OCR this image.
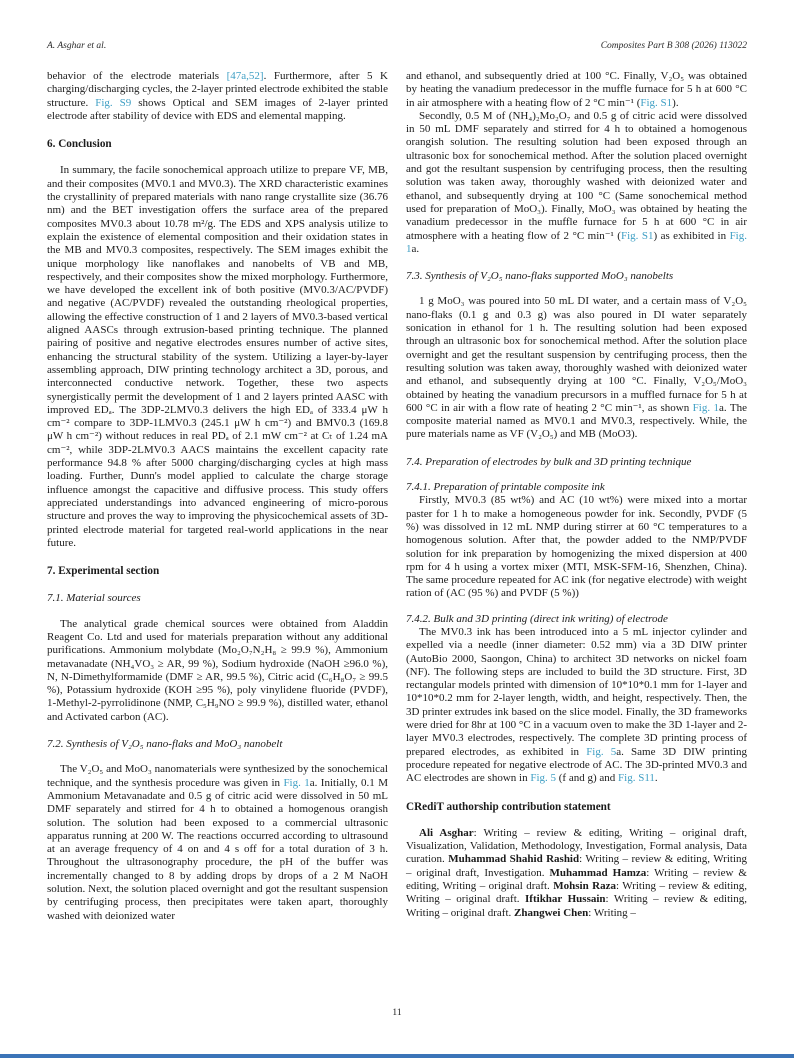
A. Asghar et al.	Composites Part B 308 (2026) 113022

behavior of the electrode materials [47a,52]. Furthermore, after 5 K charging/discharging cycles, the 2-layer printed electrode exhibited the stable structure. Fig. S9 shows Optical and SEM images of 2-layer printed electrode after stability of device with EDS and elemental mapping.

6. Conclusion

In summary, the facile sonochemical approach utilize to prepare VF, MB, and their composites (MV0.1 and MV0.3). The XRD characteristic examines the crystallinity of prepared materials with nano range crystallite size (36.76 nm) and the BET investigation offers the surface area of the prepared composites MV0.3 about 10.78 m²/g. The EDS and XPS analysis utilize to explain the existence of elemental composition and their oxidation states in the MB and MV0.3 composites, respectively. The SEM images exhibit the unique morphology like nanoflakes and nanobelts of VB and MB, respectively, and their composites show the mixed morphology. Furthermore, we have developed the excellent ink of both positive (MV0.3/AC/PVDF) and negative (AC/PVDF) revealed the outstanding rheological properties, allowing the effective construction of 1 and 2 layers of MV0.3-based vertical aligned AASCs through extrusion-based printing technique. The planned pairing of positive and negative electrodes ensures number of active sites, enhancing the structural stability of the system. Utilizing a layer-by-layer assembling approach, DIW printing technology architect a 3D, porous, and interconnected conductive network. Together, these two aspects synergistically permit the development of 1 and 2 layers printed AASC with improved EDₐ. The 3DP-2LMV0.3 delivers the high EDₐ of 333.4 μW h cm⁻² compare to 3DP-1LMV0.3 (245.1 μW h cm⁻²) and BMV0.3 (169.8 μW h cm⁻²) without reduces in real PDₐ of 2.1 mW cm⁻² at Cₜ of 1.24 mA cm⁻², while 3DP-2LMV0.3 AACS maintains the excellent capacity rate performance 94.8 % after 5000 charging/discharging cycles at high mass loading. Further, Dunn's model applied to calculate the charge storage influence amongst the capacitive and diffusive process. This study offers appreciated understandings into advanced engineering of micro-porous structure and proves the way to improving the physicochemical assets of 3D-printed electrode material for targeted real-world applications in the near future.

7. Experimental section
7.1. Material sources

The analytical grade chemical sources were obtained from Aladdin Reagent Co. Ltd and used for materials preparation without any additional purifications. Ammonium molybdate (Mo₂O₇N₂H₈ ≥ 99.9 %), Ammonium metavanadate (NH₄VO₃ ≥ AR, 99 %), Sodium hydroxide (NaOH ≥96.0 %), N, N-Dimethylformamide (DMF ≥ AR, 99.5 %), Citric acid (C₆H₈O₇ ≥ 99.5 %), Potassium hydroxide (KOH ≥95 %), poly vinylidene fluoride (PVDF), 1-Methyl-2-pyrrolidinone (NMP, C₅H₉NO ≥ 99.9 %), distilled water, ethanol and Activated carbon (AC).

7.2. Synthesis of V₂O₅ nano-flaks and MoO₃ nanobelt

The V₂O₅ and MoO₃ nanomaterials were synthesized by the sonochemical technique, and the synthesis procedure was given in Fig. 1a. Initially, 0.1 M Ammonium Metavanadate and 0.5 g of citric acid were dissolved in 50 mL DMF separately and stirred for 4 h to obtained a homogenous orangish solution. The solution had been exposed to a commercial ultrasonic apparatus running at 200 W. The reactions occurred according to ultrasound at an average frequency of 4 on and 4 s off for a total duration of 3 h. Throughout the ultrasonography procedure, the pH of the buffer was incrementally changed to 8 by adding drops by drops of a 2 M NaOH solution. Next, the solution placed overnight and got the resultant suspension by centrifuging process, then precipitates were taken apart, thoroughly washed with deionized water

and ethanol, and subsequently dried at 100 °C. Finally, V₂O₅ was obtained by heating the vanadium predecessor in the muffle furnace for 5 h at 600 °C in air atmosphere with a heating flow of 2 °C min⁻¹ (Fig. S1).

Secondly, 0.5 M of (NH₄)₂Mo₂O₇ and 0.5 g of citric acid were dissolved in 50 mL DMF separately and stirred for 4 h to obtained a homogenous orangish solution. The resulting solution had been exposed through an ultrasonic box for sonochemical method. After the solution placed overnight and got the resultant suspension by centrifuging process, then the resulting solution was taken away, thoroughly washed with deionized water and ethanol, and subsequently drying at 100 °C (Same sonochemical method used for preparation of MoO₃). Finally, MoO₃ was obtained by heating the vanadium predecessor in the muffle furnace for 5 h at 600 °C in air atmosphere with a heating flow of 2 °C min⁻¹ (Fig. S1) as exhibited in Fig. 1a.

7.3. Synthesis of V₂O₅ nano-flaks supported MoO₃ nanobelts

1 g MoO₃ was poured into 50 mL DI water, and a certain mass of V₂O₅ nano-flaks (0.1 g and 0.3 g) was also poured in DI water separately sonication in ethanol for 1 h. The resulting solution had been exposed through an ultrasonic box for sonochemical method. After the solution place overnight and get the resultant suspension by centrifuging process, then the resulting solution was taken away, thoroughly washed with deionized water and ethanol, and subsequently drying at 100 °C. Finally, V₂O₅/MoO₃ obtained by heating the vanadium precursors in a muffled furnace for 5 h at 600 °C in air with a flow rate of heating 2 °C min⁻¹, as shown Fig. 1a. The composite material named as MV0.1 and MV0.3, respectively. While, the pure materials name as VF (V₂O₅) and MB (MoO3).

7.4. Preparation of electrodes by bulk and 3D printing technique
7.4.1. Preparation of printable composite ink

Firstly, MV0.3 (85 wt%) and AC (10 wt%) were mixed into a mortar paster for 1 h to make a homogeneous powder for ink. Secondly, PVDF (5 %) was dissolved in 12 mL NMP during stirrer at 60 °C temperatures to a homogenous solution. After that, the powder added to the NMP/PVDF solution for ink preparation by homogenizing the mixed dispersion at 400 rpm for 4 h using a vortex mixer (MTI, MSK-SFM-16, Shenzhen, China). The same procedure repeated for AC ink (for negative electrode) with weight ration of (AC (95 %) and PVDF (5 %))

7.4.2. Bulk and 3D printing (direct ink writing) of electrode

The MV0.3 ink has been introduced into a 5 mL injector cylinder and expelled via a needle (inner diameter: 0.52 mm) via a 3D DIW printer (AutoBio 2000, Saongon, China) to architect 3D networks on nickel foam (NF). The following steps are included to build the 3D structure. First, 3D rectangular models printed with dimension of 10*10*0.1 mm for 1-layer and 10*10*0.2 mm for 2-layer length, width, and height, respectively. Then, the 3D printer extrudes ink based on the slice model. Finally, the 3D frameworks were dried for 8hr at 100 °C in a vacuum oven to make the 3D 1-layer and 2-layer MV0.3 electrodes, respectively. The complete 3D printing process of prepared electrodes, as exhibited in Fig. 5a. Same 3D DIW printing procedure repeated for negative electrode of AC. The 3D-printed MV0.3 and AC electrodes are shown in Fig. 5 (f and g) and Fig. S11.

CRediT authorship contribution statement

Ali Asghar: Writing – review & editing, Writing – original draft, Visualization, Validation, Methodology, Investigation, Formal analysis, Data curation. Muhammad Shahid Rashid: Writing – review & editing, Writing – original draft, Investigation. Muhammad Hamza: Writing – review & editing, Writing – original draft. Mohsin Raza: Writing – review & editing, Writing – original draft. Iftikhar Hussain: Writing – review & editing, Writing – original draft. Zhangwei Chen: Writing –

11
